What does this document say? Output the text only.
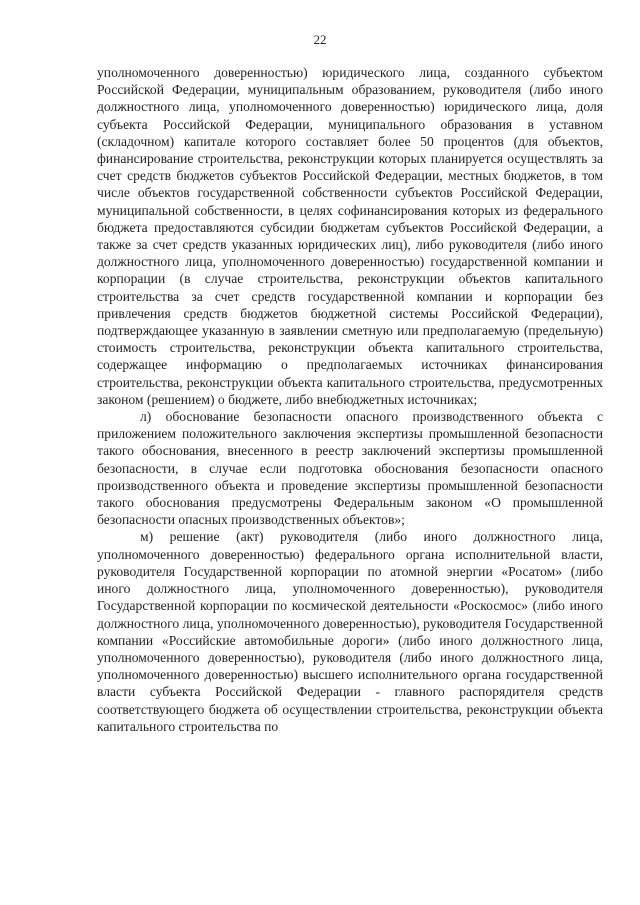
22

уполномоченного доверенностью) юридического лица, созданного субъектом Российской Федерации, муниципальным образованием, руководителя (либо иного должностного лица, уполномоченного доверенностью) юридического лица, доля субъекта Российской Федерации, муниципального образования в уставном (складочном) капитале которого составляет более 50 процентов (для объектов, финансирование строительства, реконструкции которых планируется осуществлять за счет средств бюджетов субъектов Российской Федерации, местных бюджетов, в том числе объектов государственной собственности субъектов Российской Федерации, муниципальной собственности, в целях софинансирования которых из федерального бюджета предоставляются субсидии бюджетам субъектов Российской Федерации, а также за счет средств указанных юридических лиц), либо руководителя (либо иного должностного лица, уполномоченного доверенностью) государственной компании и корпорации (в случае строительства, реконструкции объектов капитального строительства за счет средств государственной компании и корпорации без привлечения средств бюджетов бюджетной системы Российской Федерации), подтверждающее указанную в заявлении сметную или предполагаемую (предельную) стоимость строительства, реконструкции объекта капитального строительства, содержащее информацию о предполагаемых источниках финансирования строительства, реконструкции объекта капитального строительства, предусмотренных законом (решением) о бюджете, либо внебюджетных источниках;

л) обоснование безопасности опасного производственного объекта с приложением положительного заключения экспертизы промышленной безопасности такого обоснования, внесенного в реестр заключений экспертизы промышленной безопасности, в случае если подготовка обоснования безопасности опасного производственного объекта и проведение экспертизы промышленной безопасности такого обоснования предусмотрены Федеральным законом «О промышленной безопасности опасных производственных объектов»;

м) решение (акт) руководителя (либо иного должностного лица, уполномоченного доверенностью) федерального органа исполнительной власти, руководителя Государственной корпорации по атомной энергии «Росатом» (либо иного должностного лица, уполномоченного доверенностью), руководителя Государственной корпорации по космической деятельности «Роскосмос» (либо иного должностного лица, уполномоченного доверенностью), руководителя Государственной компании «Российские автомобильные дороги» (либо иного должностного лица, уполномоченного доверенностью), руководителя (либо иного должностного лица, уполномоченного доверенностью) высшего исполнительного органа государственной власти субъекта Российской Федерации - главного распорядителя средств соответствующего бюджета об осуществлении строительства, реконструкции объекта капитального строительства по
